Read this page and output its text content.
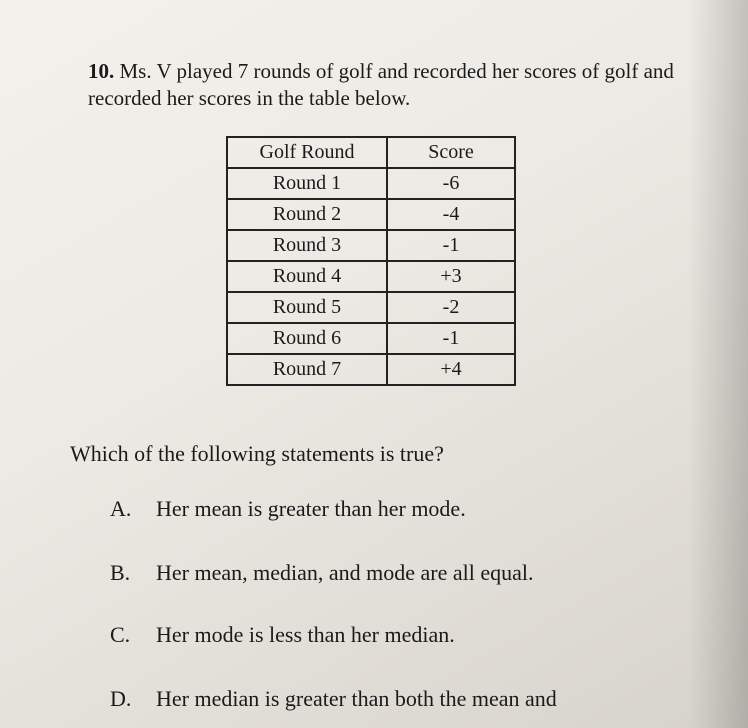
10. Ms. V played 7 rounds of golf and recorded her scores of golf and recorded her scores in the table below.
Golf Round	Score
Round 1	-6
Round 2	-4
Round 3	-1
Round 4	+3
Round 5	-2
Round 6	-1
Round 7	+4
Which of the following statements is true?
A. Her mean is greater than her mode.
B. Her mean, median, and mode are all equal.
C. Her mode is less than her median.
D. Her median is greater than both the mean and
